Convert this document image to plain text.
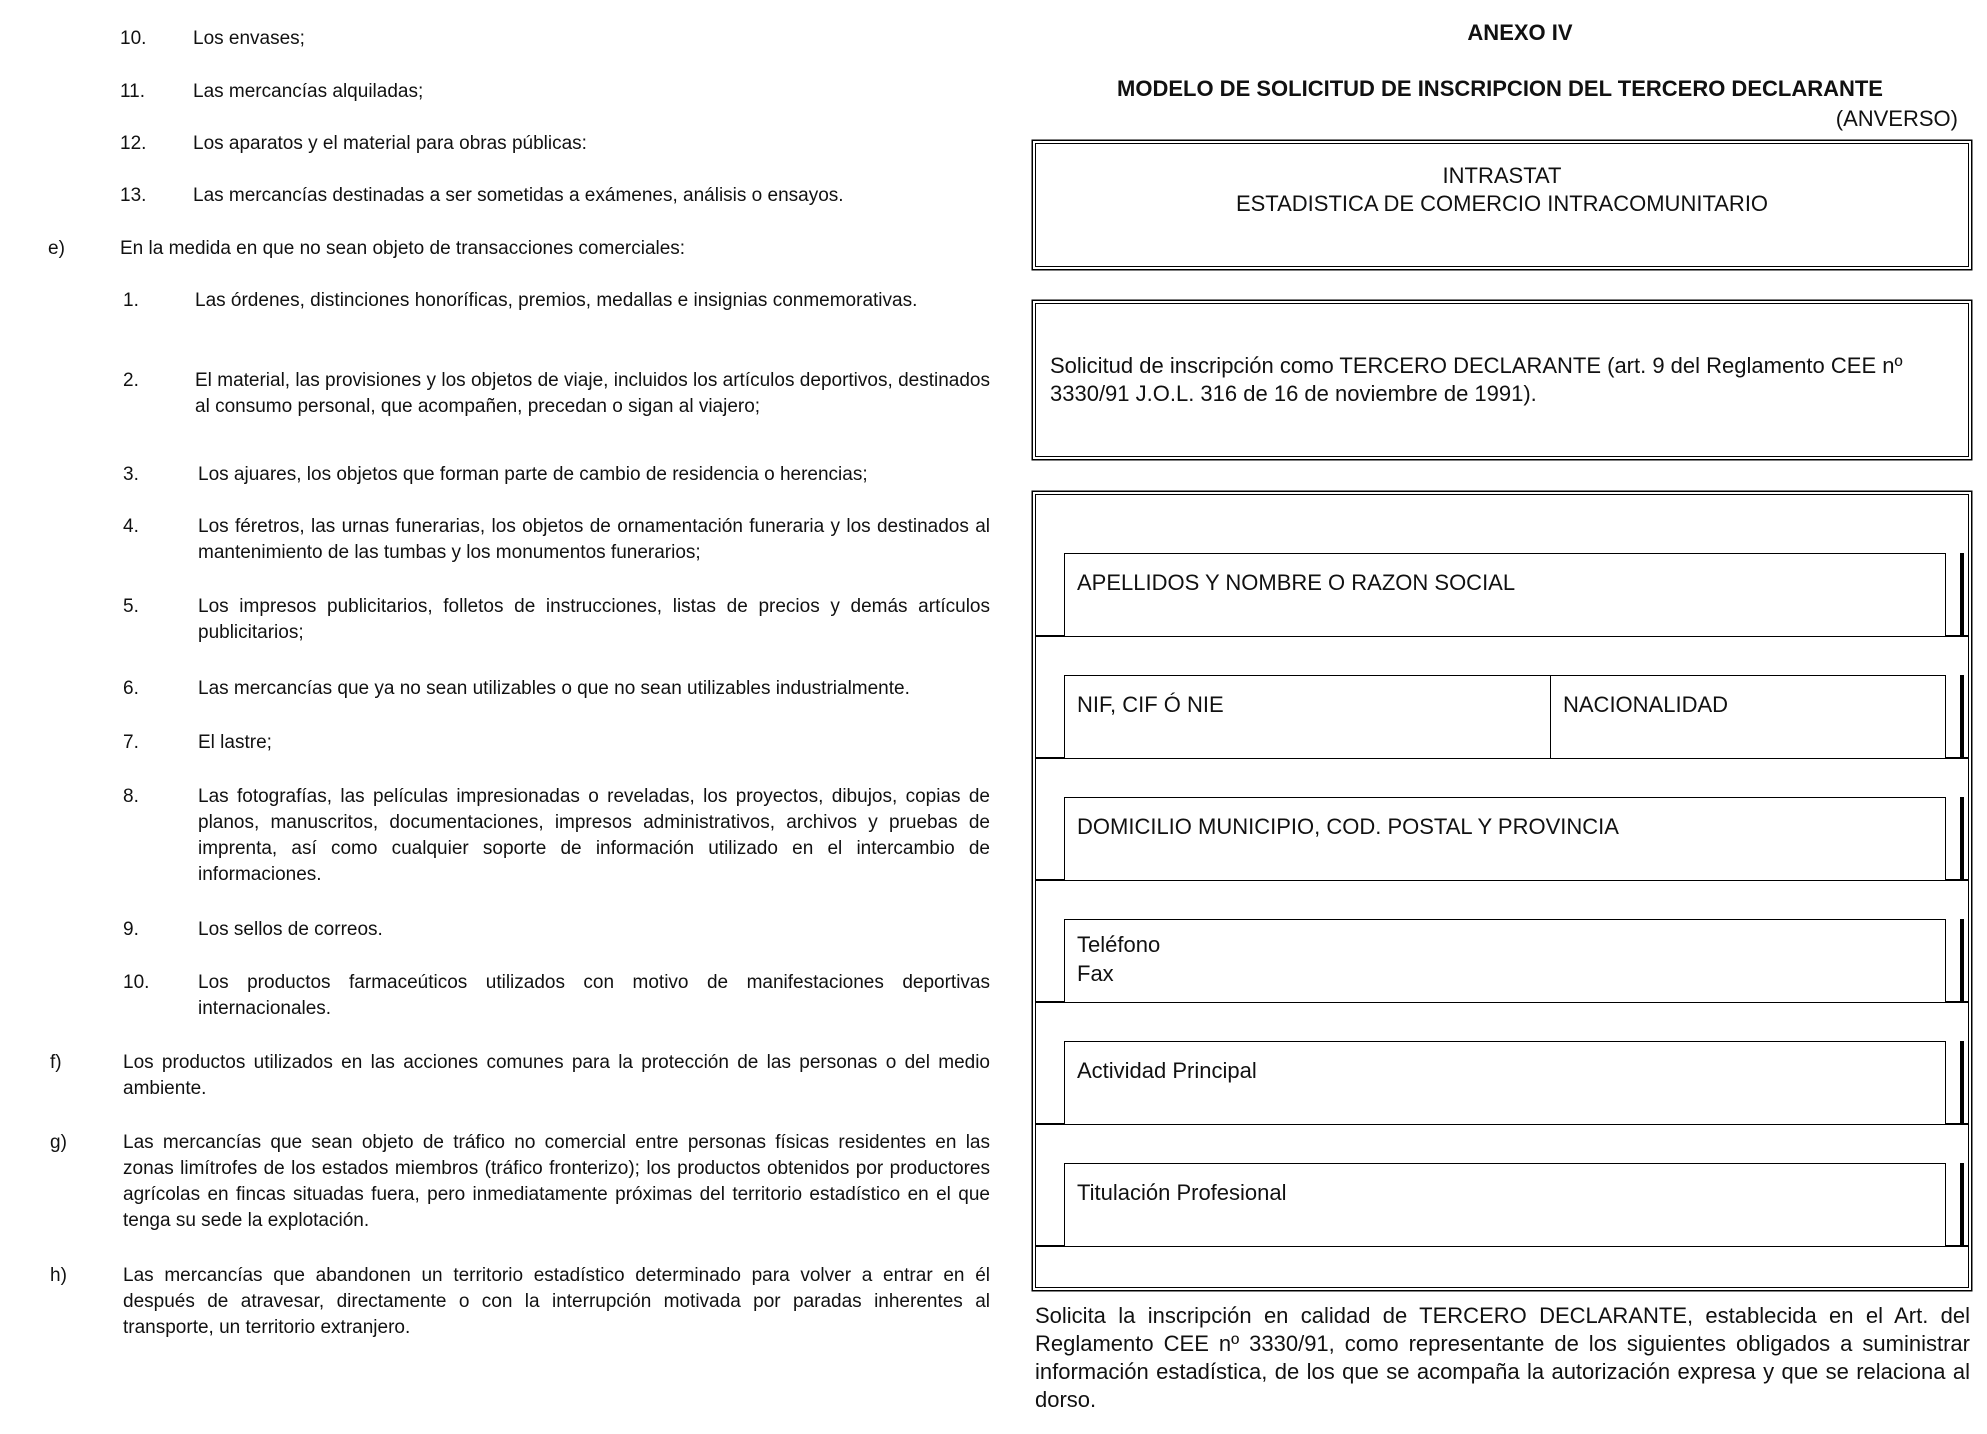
10. Los envases;
11.	Las mercancías alquiladas;
12. Los aparatos y el material para obras públicas:
13. Las mercancías destinadas a ser sometidas a exámenes, análisis o ensayos.
e)	En la medida en que no sean objeto de transacciones comerciales:
1.	Las órdenes, distinciones honoríficas, premios, medallas e insignias conmemorativas.
2.	El material, las provisiones y los objetos de viaje, incluidos los artículos deportivos, destinados al consumo personal, que acompañen, precedan o sigan al viajero;
3.	Los ajuares, los objetos que forman parte de cambio de residencia o herencias;
4.	Los féretros, las urnas funerarias, los objetos de ornamentación funeraria y los destinados al mantenimiento de las tumbas y los monumentos funerarios;
5.	Los impresos publicitarios, folletos de instrucciones, listas de precios y demás artículos publicitarios;
6.	Las mercancías que ya no sean utilizables o que no sean utilizables industrialmente.
7.	El lastre;
8.	Las fotografías, las películas impresionadas o reveladas, los proyectos, dibujos, copias de planos, manuscritos, documentaciones, impresos administrativos, archivos y pruebas de imprenta, así como cualquier soporte de información utilizado en el intercambio de informaciones.
9.	Los sellos de correos.
10.	Los productos farmaceúticos utilizados con motivo de manifestaciones deportivas internacionales.
f)	Los productos utilizados en las acciones comunes para la protección de las personas o del medio ambiente.
g)	Las mercancías que sean objeto de tráfico no comercial entre personas físicas residentes en las zonas limítrofes de los estados miembros (tráfico fronterizo); los productos obtenidos por productores agrícolas en fincas situadas fuera, pero inmediatamente próximas del territorio estadístico en el que tenga su sede la explotación.
h)	Las mercancías que abandonen un territorio estadístico determinado para volver a entrar en él después de atravesar, directamente o con la interrupción motivada por paradas inherentes al transporte, un territorio extranjero.
ANEXO IV
MODELO DE SOLICITUD DE INSCRIPCION DEL TERCERO DECLARANTE
(ANVERSO)
INTRASTAT
ESTADISTICA DE COMERCIO INTRACOMUNITARIO
Solicitud de inscripción como TERCERO DECLARANTE (art. 9 del Reglamento CEE nº 3330/91 J.O.L. 316 de 16 de noviembre de 1991).
APELLIDOS Y NOMBRE O RAZON SOCIAL
NIF, CIF Ó NIE	NACIONALIDAD
DOMICILIO MUNICIPIO, COD. POSTAL Y PROVINCIA
Teléfono
Fax
Actividad Principal
Titulación Profesional
Solicita la inscripción en calidad de TERCERO DECLARANTE, establecida en el Art. del Reglamento CEE nº 3330/91, como representante de los siguientes obligados a suministrar información estadística, de los que se acompaña la autorización expresa y que se relaciona al dorso.
